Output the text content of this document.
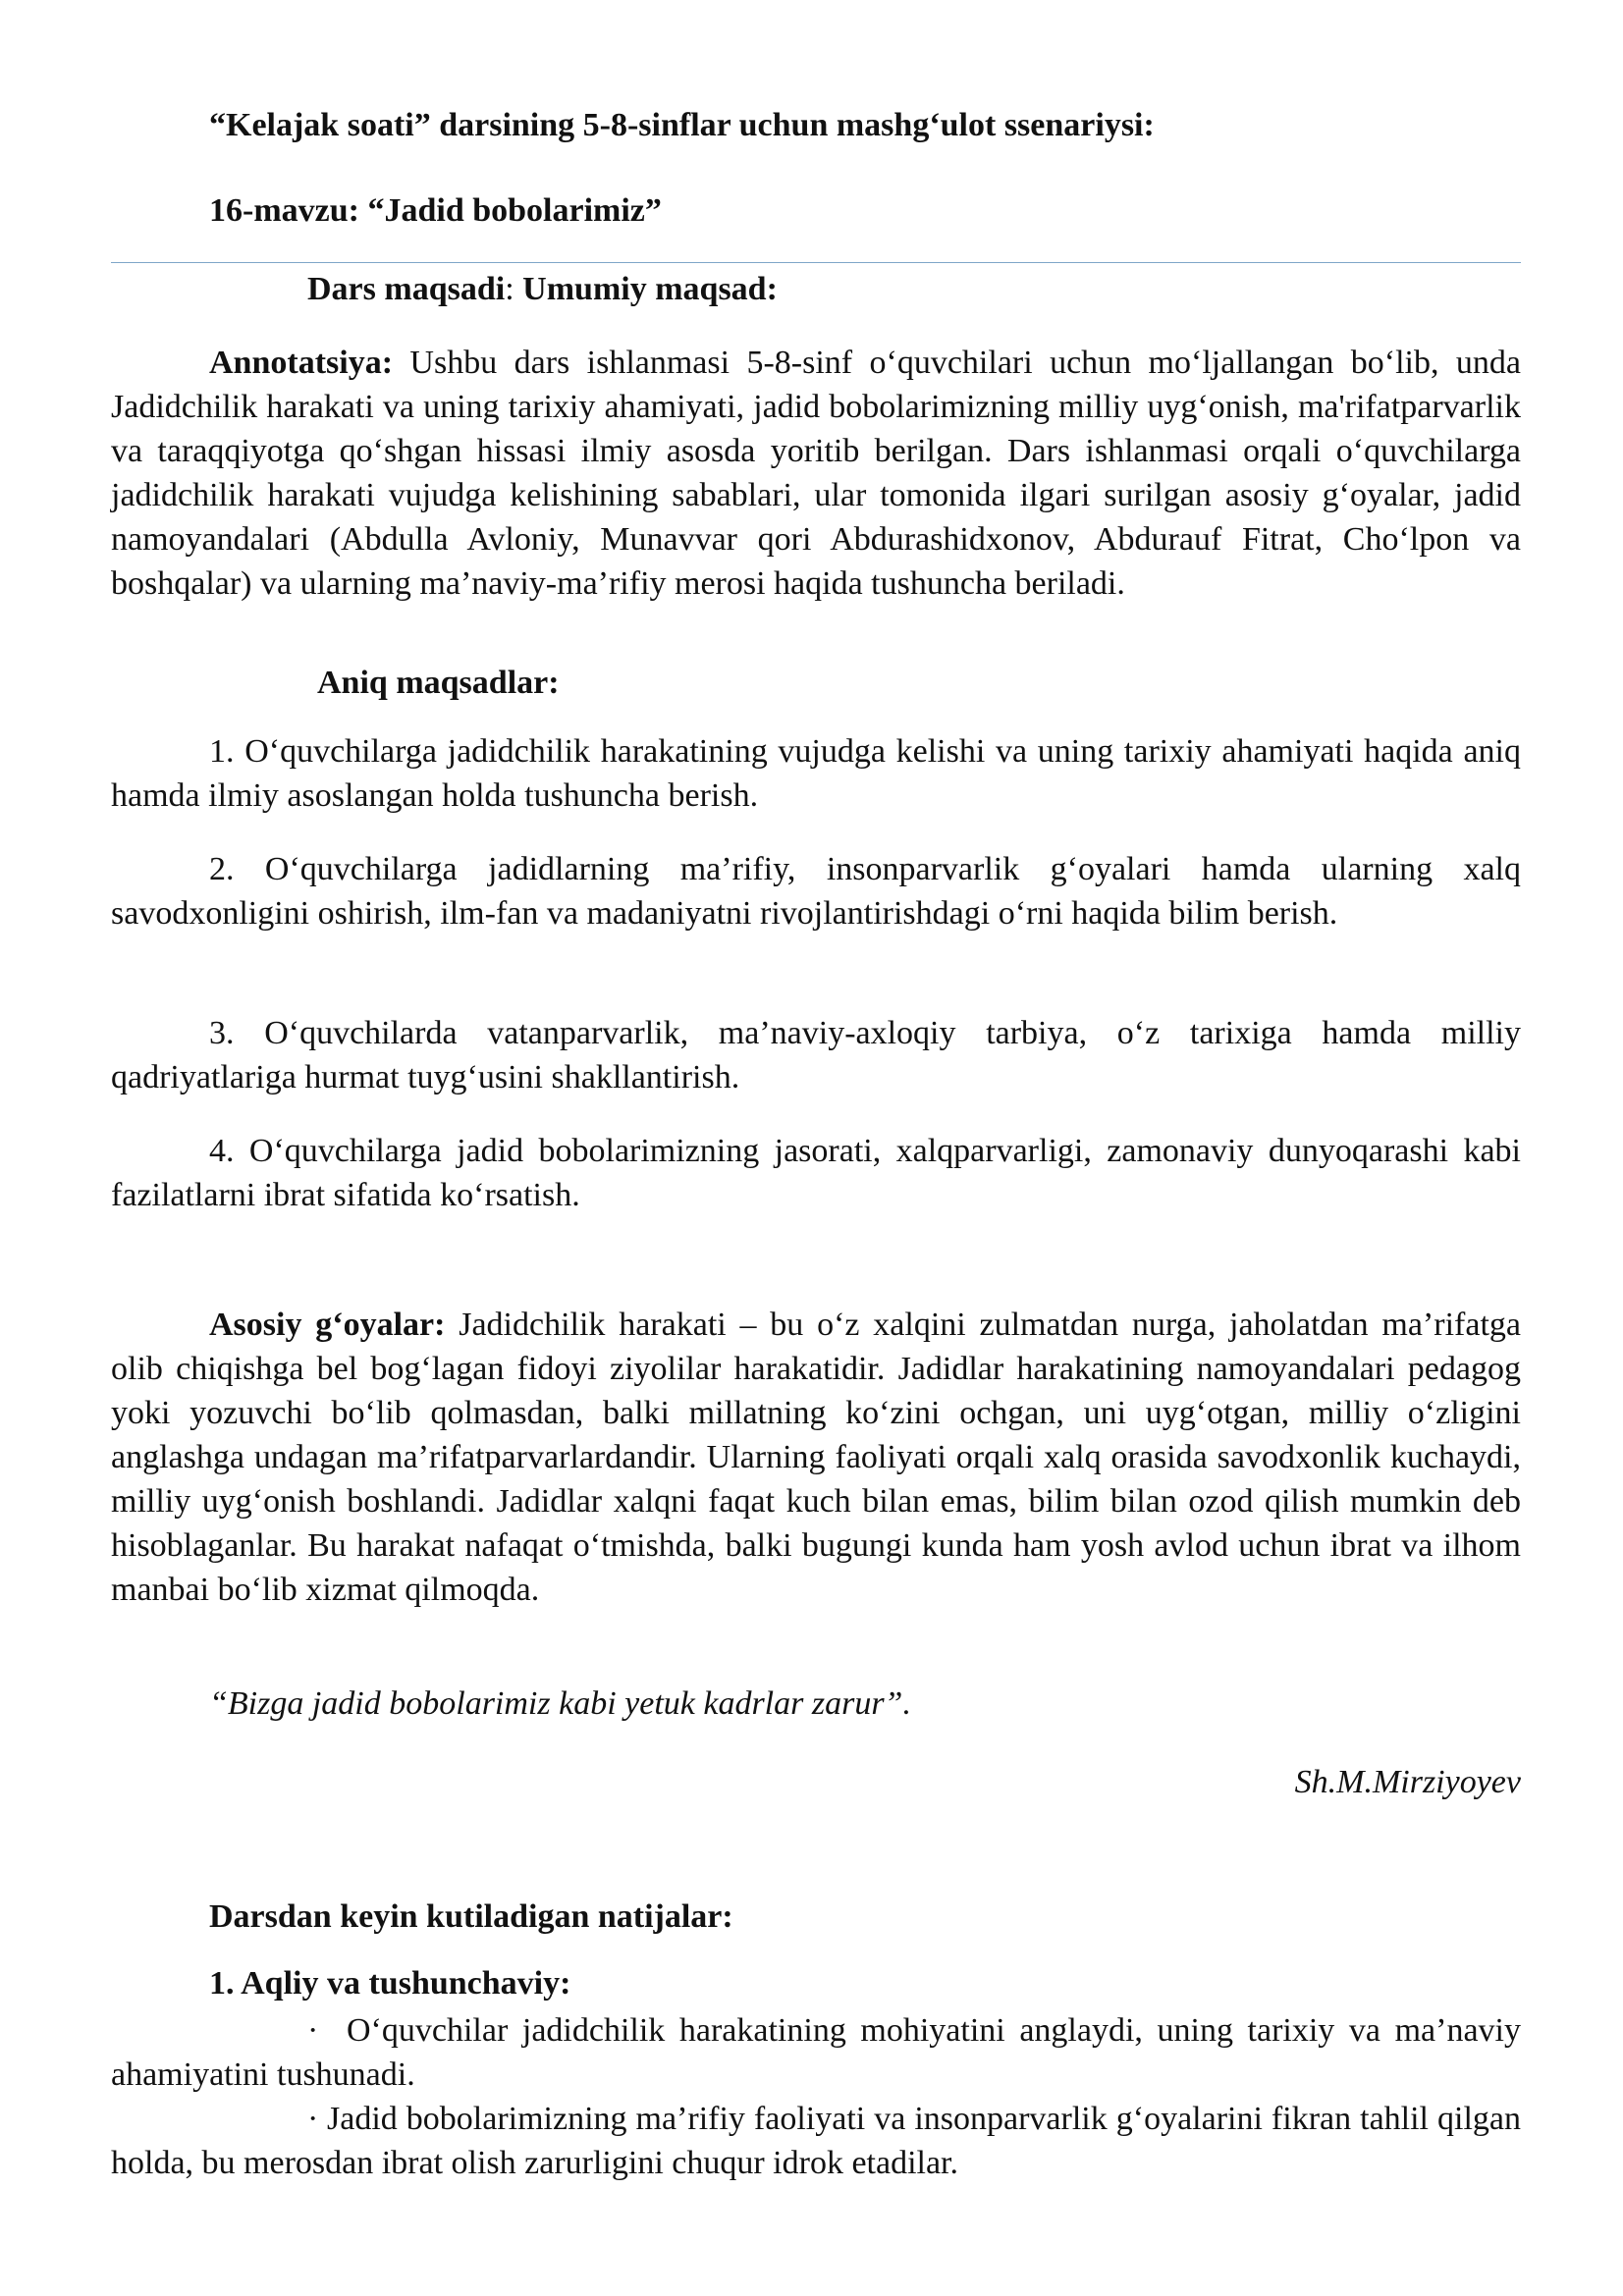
“Kelajak soati” darsining 5-8-sinflar uchun mashg‘ulot ssenariysi:

16-mavzu: “Jadid bobolarimiz”

Dars maqsadi: Umumiy maqsad:

Annotatsiya: Ushbu dars ishlanmasi 5-8-sinf o‘quvchilari uchun mo‘ljallangan bo‘lib, unda Jadidchilik harakati va uning tarixiy ahamiyati, jadid bobolarimizning milliy uyg‘onish, ma'rifatparvarlik va taraqqiyotga qo‘shgan hissasi ilmiy asosda yoritib berilgan. Dars ishlanmasi orqali o‘quvchilarga jadidchilik harakati vujudga kelishining sabablari, ular tomonida ilgari surilgan asosiy g‘oyalar, jadid namoyandalari (Abdulla Avloniy, Munavvar qori Abdurashidxonov, Abdurauf Fitrat, Cho‘lpon va boshqalar) va ularning ma’naviy-ma’rifiy merosi haqida tushuncha beriladi.

Aniq maqsadlar:

1. O‘quvchilarga jadidchilik harakatining vujudga kelishi va uning tarixiy ahamiyati haqida aniq hamda ilmiy asoslangan holda tushuncha berish.

2. O‘quvchilarga jadidlarning ma’rifiy, insonparvarlik g‘oyalari hamda ularning xalq savodxonligini oshirish, ilm-fan va madaniyatni rivojlantirishdagi o‘rni haqida bilim berish.

3. O‘quvchilarda vatanparvarlik, ma’naviy-axloqiy tarbiya, o‘z tarixiga hamda milliy qadriyatlariga hurmat tuyg‘usini shakllantirish.

4. O‘quvchilarga jadid bobolarimizning jasorati, xalqparvarligi, zamonaviy dunyoqarashi kabi fazilatlarni ibrat sifatida ko‘rsatish.

Asosiy g‘oyalar: Jadidchilik harakati – bu o‘z xalqini zulmatdan nurga, jaholatdan ma’rifatga olib chiqishga bel bog‘lagan fidoyi ziyolilar harakatidir. Jadidlar harakatining namoyandalari pedagog yoki yozuvchi bo‘lib qolmasdan, balki millatning ko‘zini ochgan, uni uyg‘otgan, milliy o‘zligini anglashga undagan ma’rifatparvarlardandir. Ularning faoliyati orqali xalq orasida savodxonlik kuchaydi, milliy uyg‘onish boshlandi. Jadidlar xalqni faqat kuch bilan emas, bilim bilan ozod qilish mumkin deb hisoblaganlar. Bu harakat nafaqat o‘tmishda, balki bugungi kunda ham yosh avlod uchun ibrat va ilhom manbai bo‘lib xizmat qilmoqda.

“Bizga jadid bobolarimiz kabi yetuk kadrlar zarur”.

Sh.M.Mirziyoyev

Darsdan keyin kutiladigan natijalar:

1. Aqliy va tushunchaviy:

· O‘quvchilar jadidchilik harakatining mohiyatini anglaydi, uning tarixiy va ma’naviy ahamiyatini tushunadi.

· Jadid bobolarimizning ma’rifiy faoliyati va insonparvarlik g‘oyalarini fikran tahlil qilgan holda, bu merosdan ibrat olish zarurligini chuqur idrok etadilar.
